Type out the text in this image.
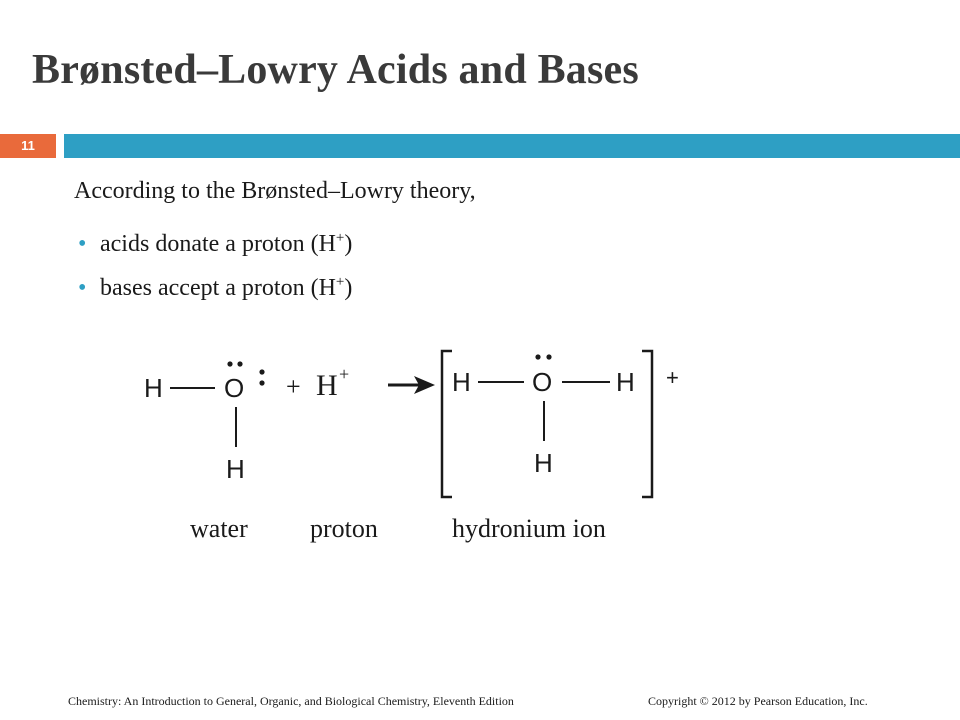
Brønsted–Lowry Acids and Bases
11
According to the Brønsted–Lowry theory,
• acids donate a proton (H+)
• bases accept a proton (H+)
H O
H
+ H +	H O H
H
+
water proton	hydronium ion
Chemistry: An Introduction to General, Organic, and Biological Chemistry, Eleventh Edition	Copyright © 2012 by Pearson Education, Inc.
